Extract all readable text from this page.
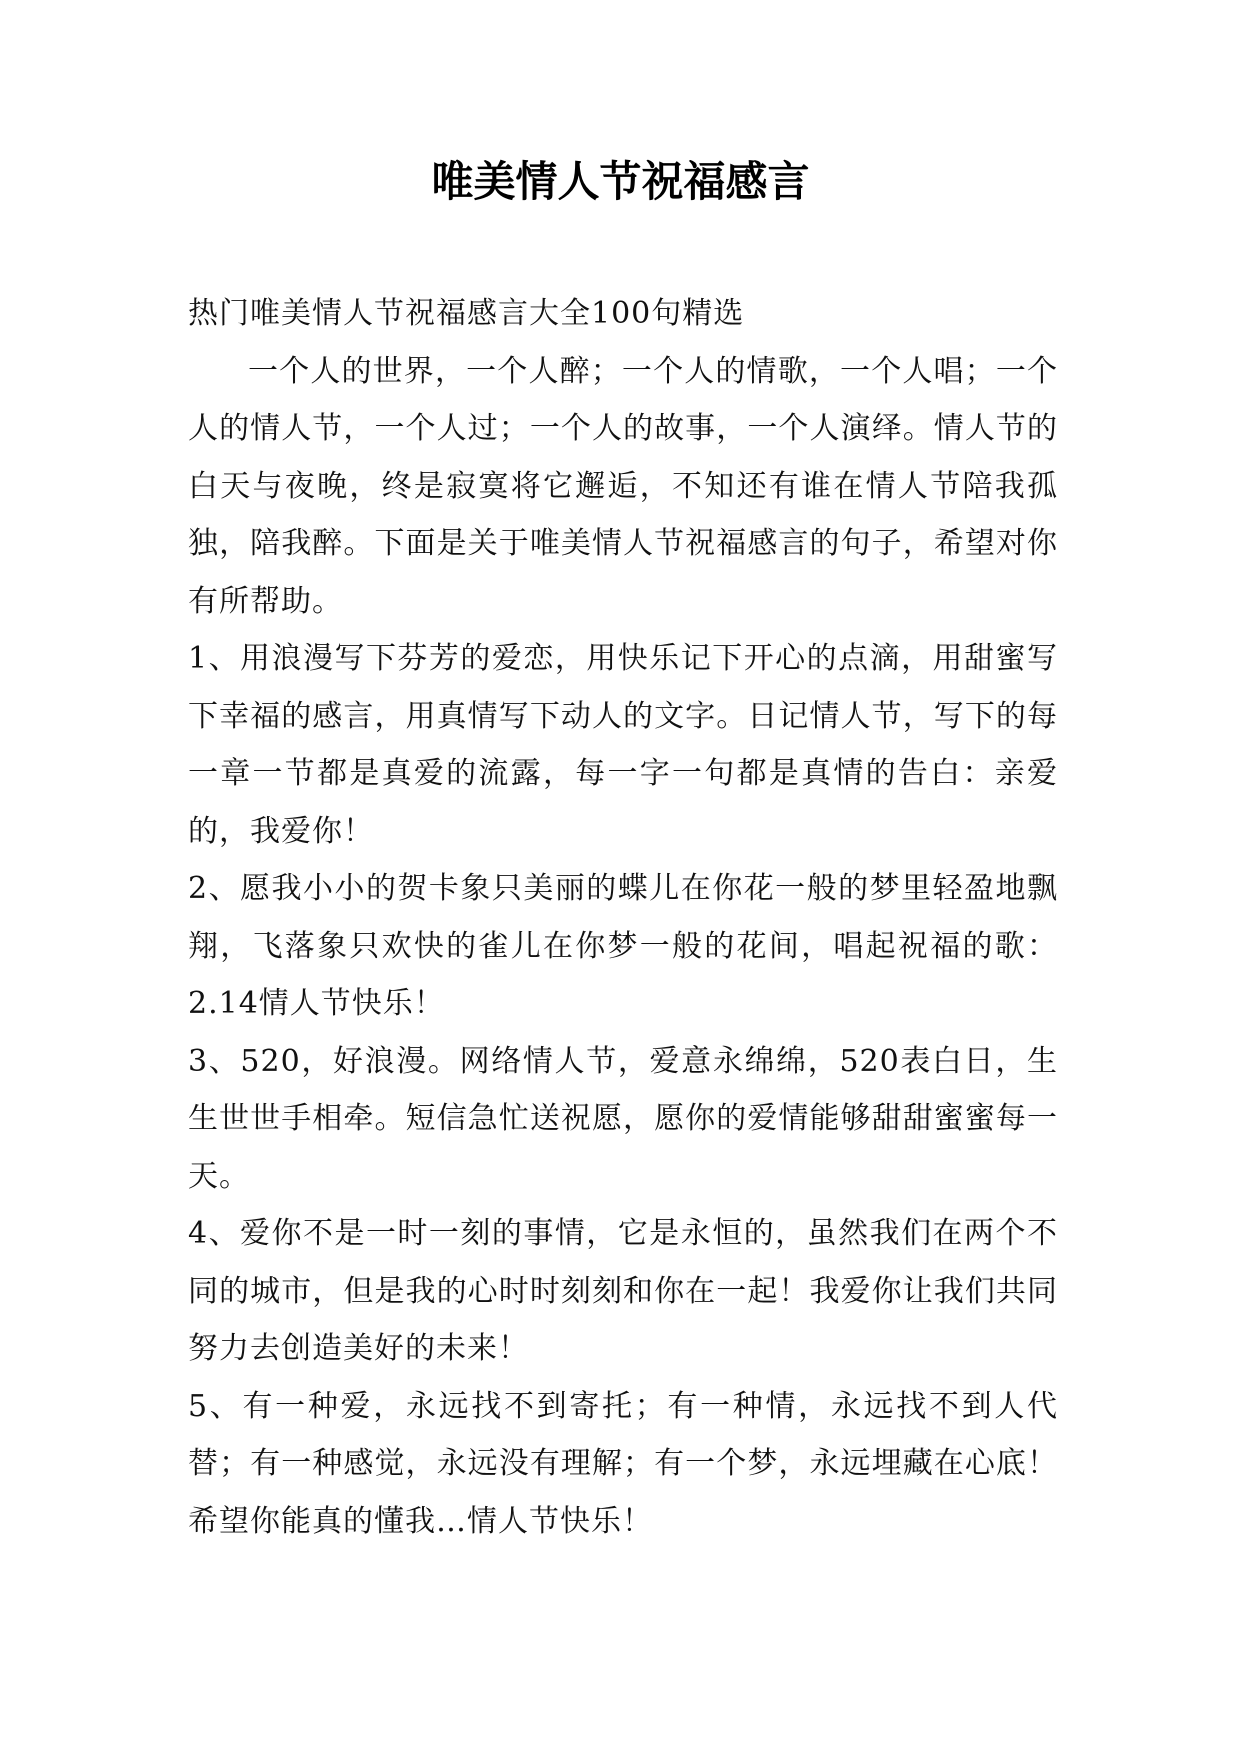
唯美情人节祝福感言

热门唯美情人节祝福感言大全100句精选

一个人的世界，一个人醉；一个人的情歌，一个人唱；一个人的情人节，一个人过；一个人的故事，一个人演绎。情人节的白天与夜晚，终是寂寞将它邂逅，不知还有谁在情人节陪我孤独，陪我醉。下面是关于唯美情人节祝福感言的句子，希望对你有所帮助。

1、用浪漫写下芬芳的爱恋，用快乐记下开心的点滴，用甜蜜写下幸福的感言，用真情写下动人的文字。日记情人节，写下的每一章一节都是真爱的流露，每一字一句都是真情的告白：亲爱的，我爱你！

2、愿我小小的贺卡象只美丽的蝶儿在你花一般的梦里轻盈地飘翔，飞落象只欢快的雀儿在你梦一般的花间，唱起祝福的歌：2.14情人节快乐！

3、520，好浪漫。网络情人节，爱意永绵绵，520表白日，生生世世手相牵。短信急忙送祝愿，愿你的爱情能够甜甜蜜蜜每一天。

4、爱你不是一时一刻的事情，它是永恒的，虽然我们在两个不同的城市，但是我的心时时刻刻和你在一起！我爱你让我们共同努力去创造美好的未来！

5、有一种爱，永远找不到寄托；有一种情，永远找不到人代替；有一种感觉，永远没有理解；有一个梦，永远埋藏在心底！希望你能真的懂我…情人节快乐！
